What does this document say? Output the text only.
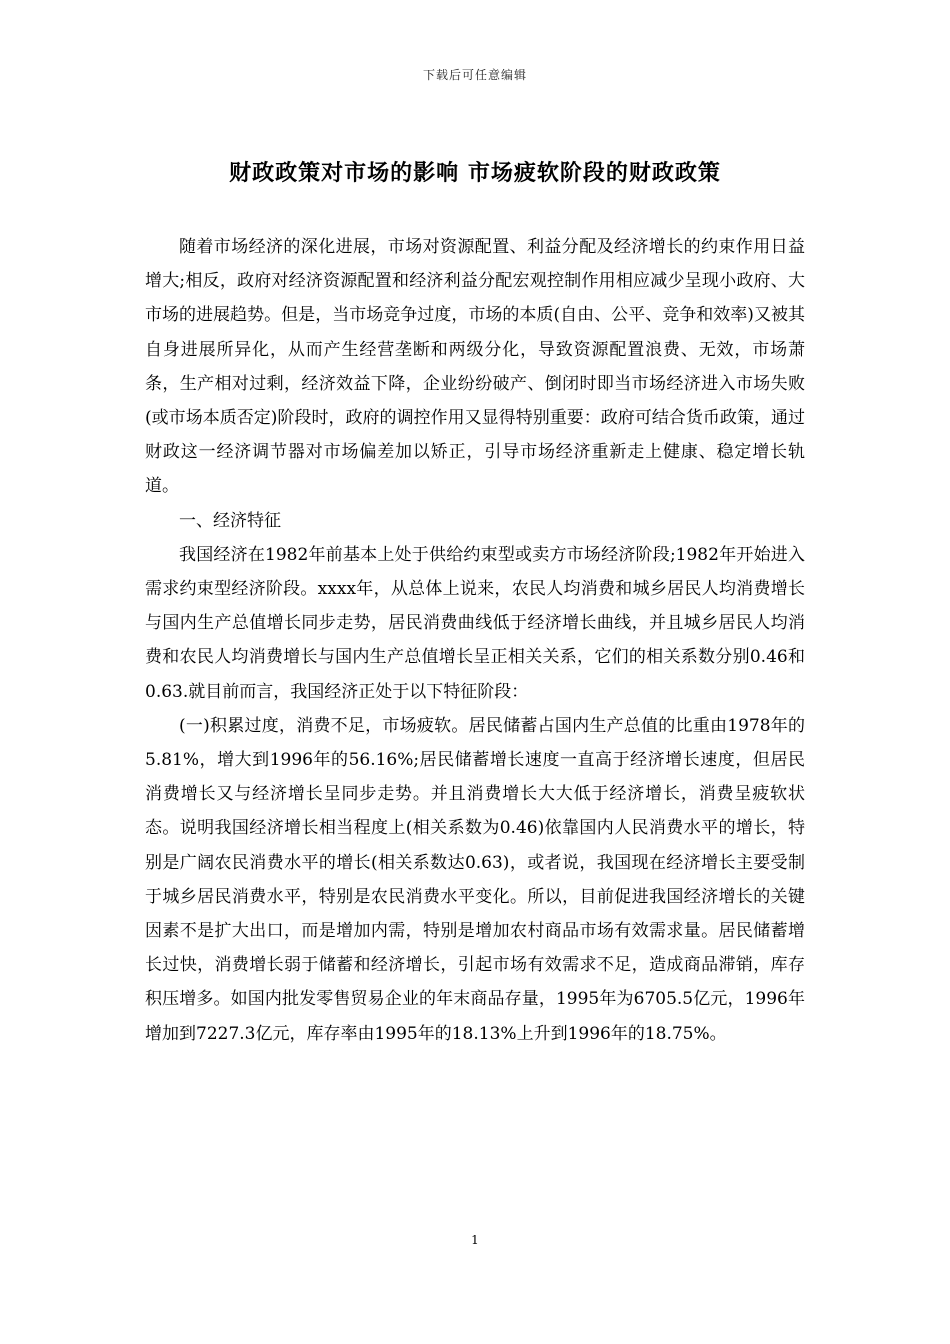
下载后可任意编辑
财政政策对市场的影响 市场疲软阶段的财政政策

随着市场经济的深化进展，市场对资源配置、利益分配及经济增长的约束作用日益增大;相反，政府对经济资源配置和经济利益分配宏观控制作用相应减少呈现小政府、大市场的进展趋势。但是，当市场竞争过度，市场的本质(自由、公平、竞争和效率)又被其自身进展所异化，从而产生经营垄断和两级分化，导致资源配置浪费、无效，市场萧条，生产相对过剩，经济效益下降，企业纷纷破产、倒闭时即当市场经济进入市场失败(或市场本质否定)阶段时，政府的调控作用又显得特别重要：政府可结合货币政策，通过财政这一经济调节器对市场偏差加以矫正，引导市场经济重新走上健康、稳定增长轨道。

一、经济特征

我国经济在1982年前基本上处于供给约束型或卖方市场经济阶段;1982年开始进入需求约束型经济阶段。xxxx年，从总体上说来，农民人均消费和城乡居民人均消费增长与国内生产总值增长同步走势，居民消费曲线低于经济增长曲线，并且城乡居民人均消费和农民人均消费增长与国内生产总值增长呈正相关关系，它们的相关系数分别0.46和0.63.就目前而言，我国经济正处于以下特征阶段：

(一)积累过度，消费不足，市场疲软。居民储蓄占国内生产总值的比重由1978年的5.81%，增大到1996年的56.16%;居民储蓄增长速度一直高于经济增长速度，但居民消费增长又与经济增长呈同步走势。并且消费增长大大低于经济增长，消费呈疲软状态。说明我国经济增长相当程度上(相关系数为0.46)依靠国内人民消费水平的增长，特别是广阔农民消费水平的增长(相关系数达0.63)，或者说，我国现在经济增长主要受制于城乡居民消费水平，特别是农民消费水平变化。所以，目前促进我国经济增长的关键因素不是扩大出口，而是增加内需，特别是增加农村商品市场有效需求量。居民储蓄增长过快，消费增长弱于储蓄和经济增长，引起市场有效需求不足，造成商品滞销，库存积压增多。如国内批发零售贸易企业的年末商品存量，1995年为6705.5亿元，1996年增加到7227.3亿元，库存率由1995年的18.13%上升到1996年的18.75%。

1
